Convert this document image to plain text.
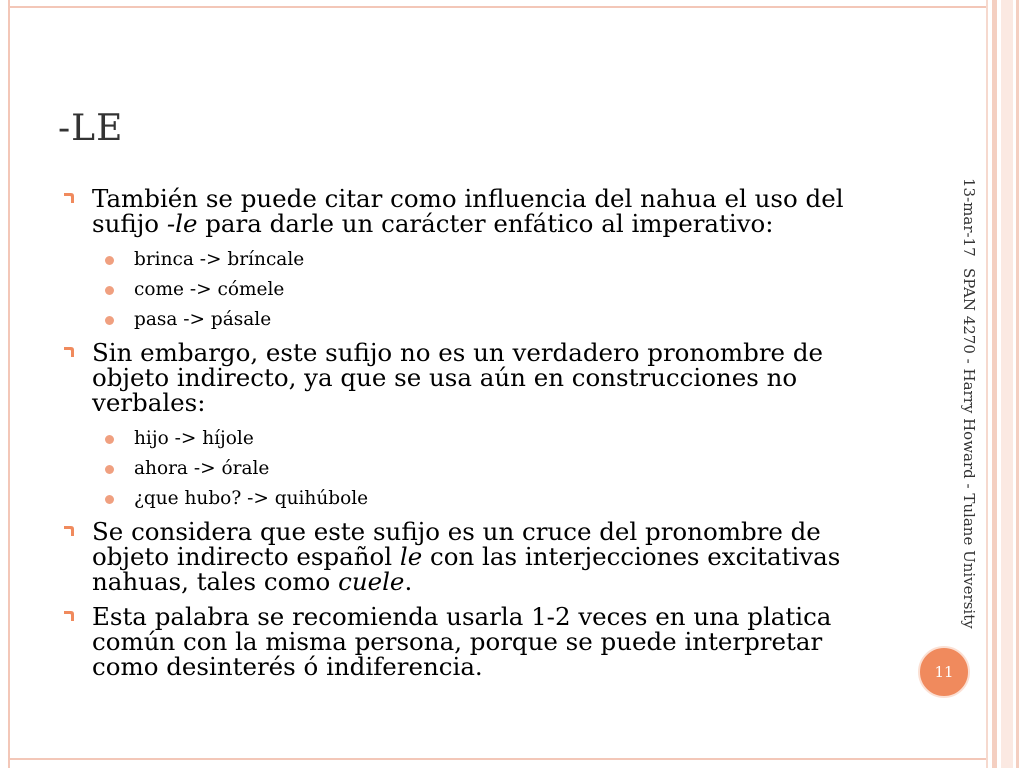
-LE
También se puede citar como influencia del nahua el uso del sufijo -le para darle un carácter enfático al imperativo:
brinca -> bríncale
come -> cómele
pasa -> pásale
Sin embargo, este sufijo no es un verdadero pronombre de objeto indirecto, ya que se usa aún en construcciones no verbales:
hijo -> híjole
ahora -> órale
¿que hubo? -> quihúbole
Se considera que este sufijo es un cruce del pronombre de objeto indirecto español le con las interjecciones excitativas nahuas, tales como cuele.
Esta palabra se recomienda usarla 1-2 veces en una platica común con la misma persona, porque se puede interpretar como desinterés ó indiferencia.
13-mar-17
SPAN 4270 - Harry Howard - Tulane University
11
